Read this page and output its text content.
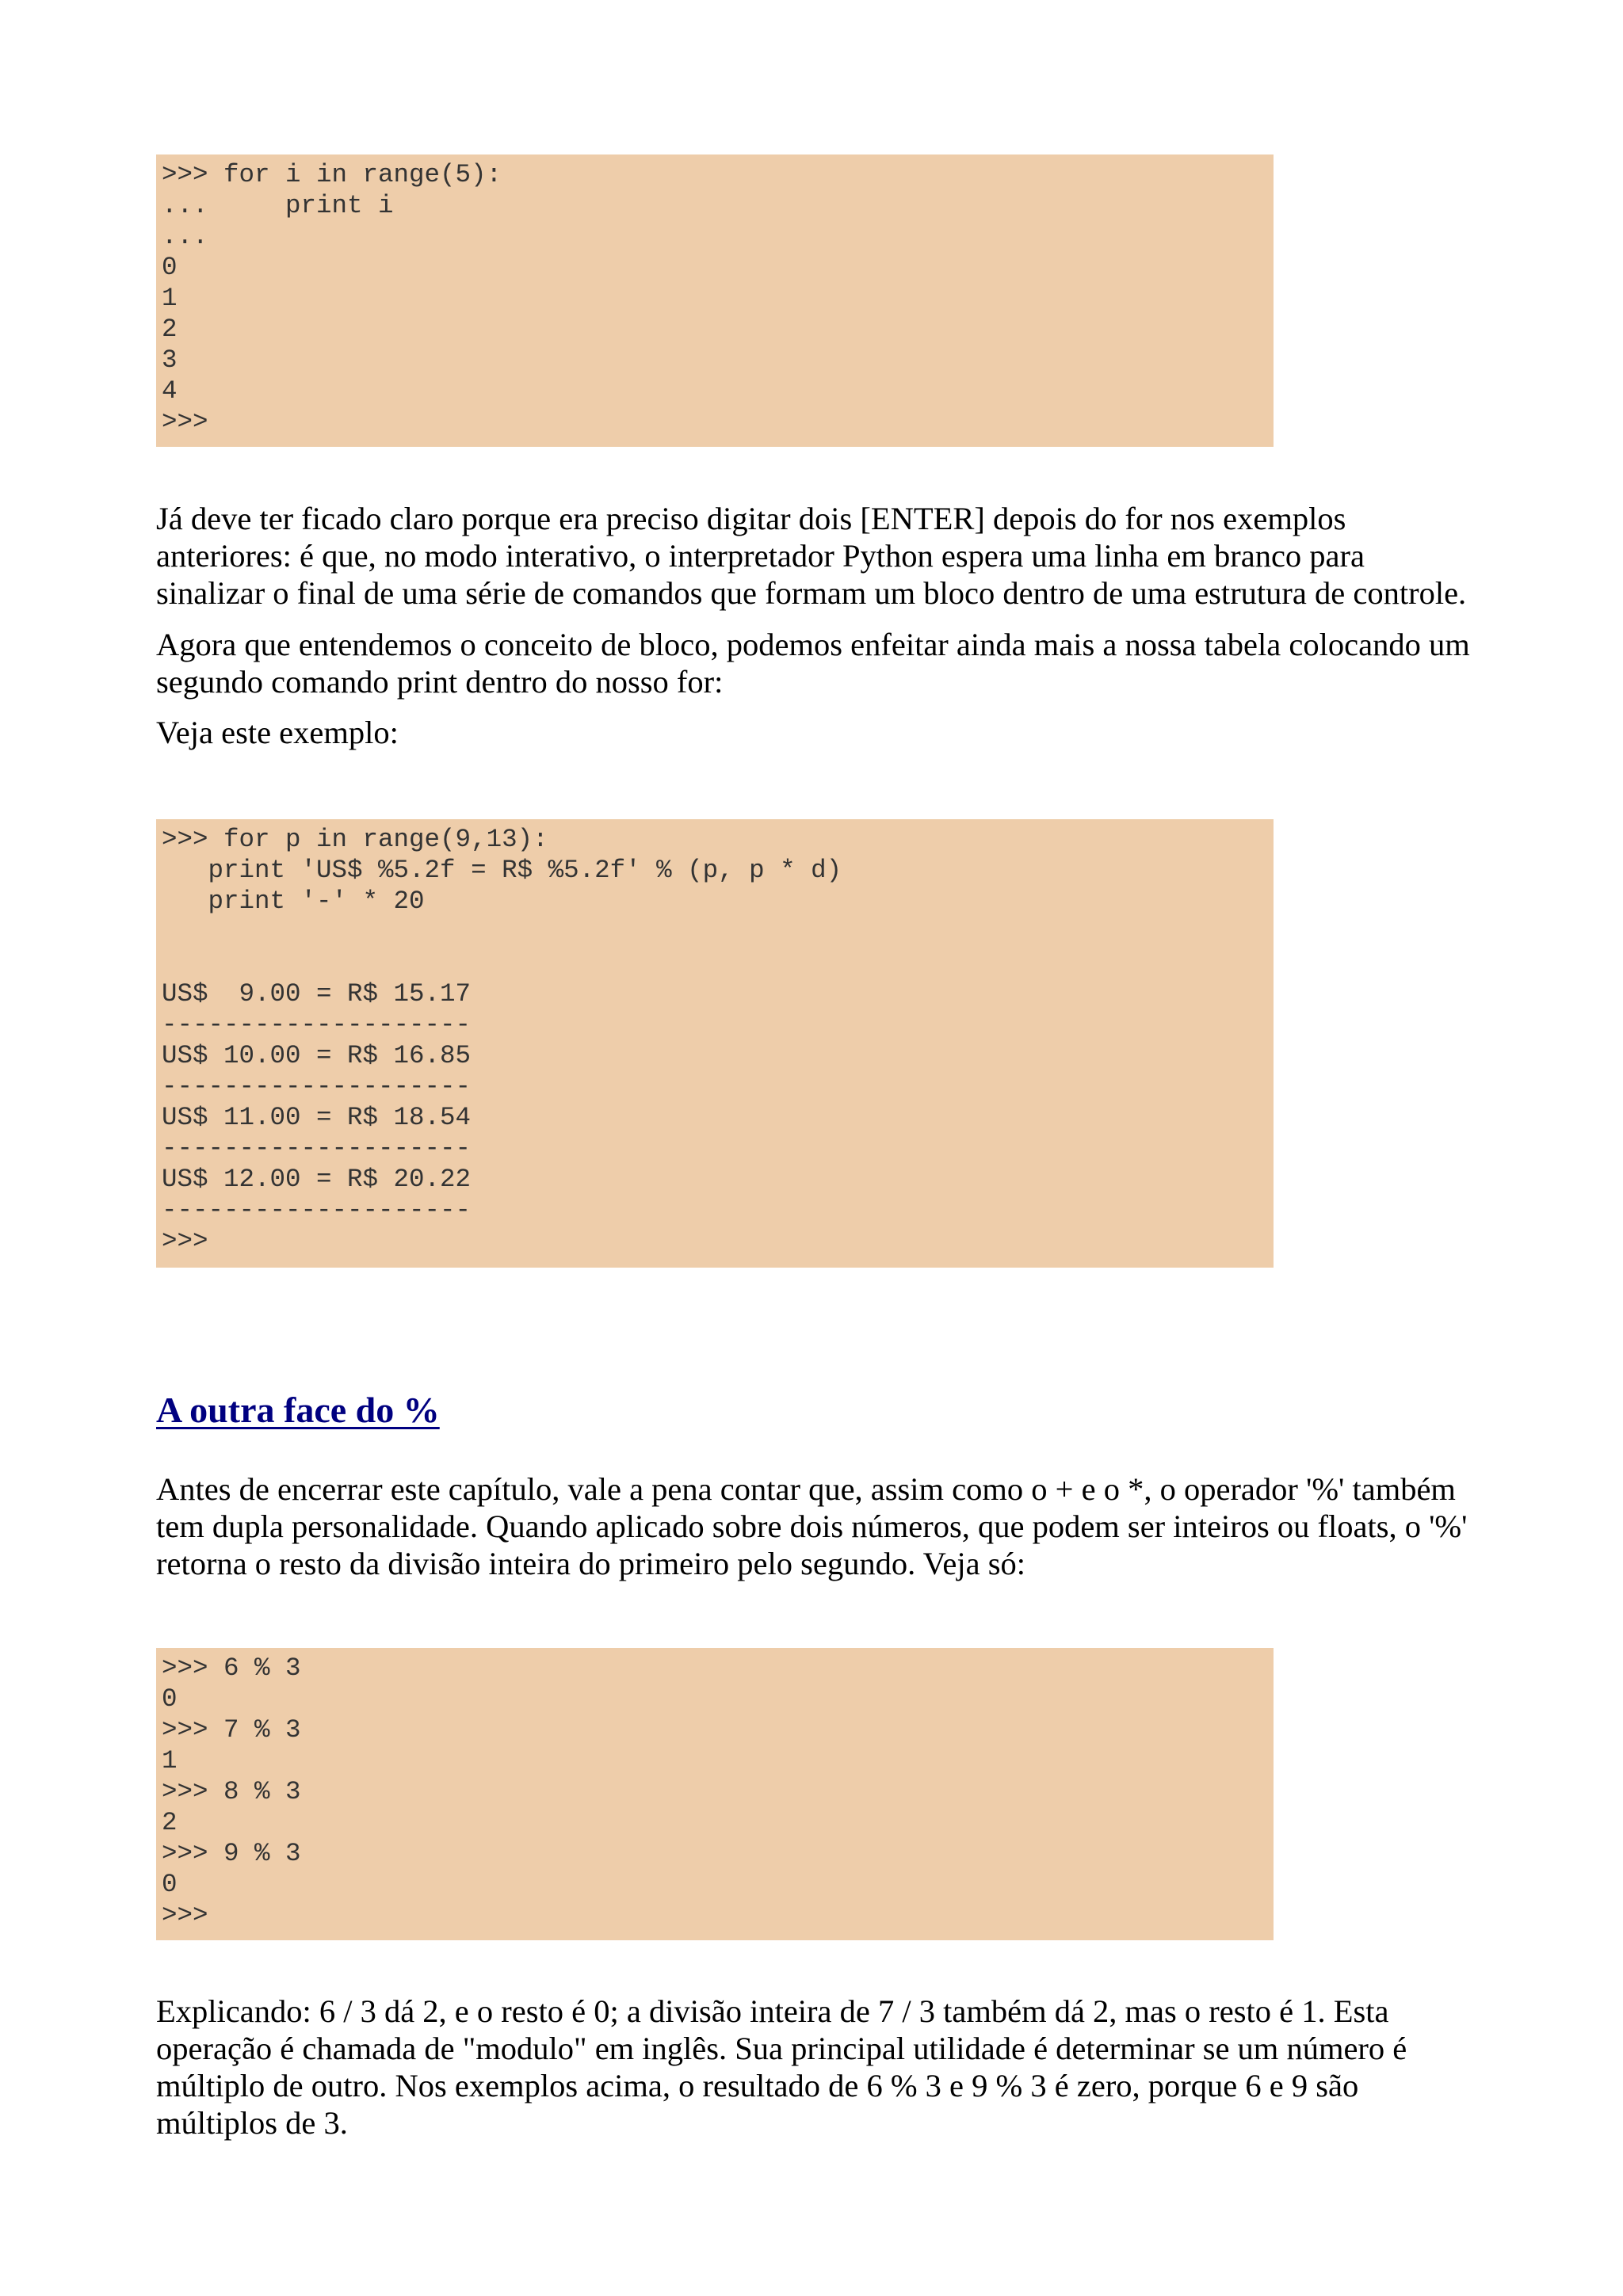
>>> for i in range(5):
...     print i
...
0
1
2
3
4
>>>

Já deve ter ficado claro porque era preciso digitar dois [ENTER] depois do for nos exemplos
anteriores: é que, no modo interativo, o interpretador Python espera uma linha em branco para
sinalizar o final de uma série de comandos que formam um bloco dentro de uma estrutura de controle.

Agora que entendemos o conceito de bloco, podemos enfeitar ainda mais a nossa tabela colocando um
segundo comando print dentro do nosso for:

Veja este exemplo:

>>> for p in range(9,13):
print 'US$ %5.2f = R$ %5.2f' % (p, p * d)
print '-' * 20

US$  9.00 = R$ 15.17
--------------------
US$ 10.00 = R$ 16.85
--------------------
US$ 11.00 = R$ 18.54
--------------------
US$ 12.00 = R$ 20.22
--------------------
>>>
A outra face do %

Antes de encerrar este capítulo, vale a pena contar que, assim como o + e o *, o operador '%' também
tem dupla personalidade. Quando aplicado sobre dois números, que podem ser inteiros ou floats, o '%'
retorna o resto da divisão inteira do primeiro pelo segundo. Veja só:

>>> 6 % 3
0
>>> 7 % 3
1
>>> 8 % 3
2
>>> 9 % 3
0
>>>

Explicando: 6 / 3 dá 2, e o resto é 0; a divisão inteira de 7 / 3 também dá 2, mas o resto é 1. Esta
operação é chamada de "modulo" em inglês. Sua principal utilidade é determinar se um número é
múltiplo de outro. Nos exemplos acima, o resultado de 6 % 3 e 9 % 3 é zero, porque 6 e 9 são
múltiplos de 3.
